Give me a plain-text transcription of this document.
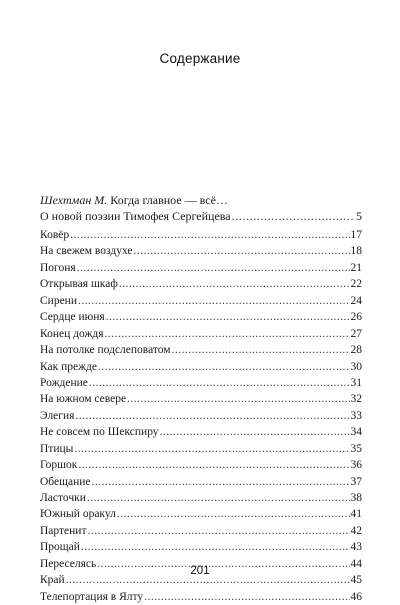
Содержание
Шехтман М. Когда главное — всё…
О новой поэзии Тимофея Сергейцева . . .	5
Ковёр . . .	17
На свежем воздухе . . .	18
Погоня . . .	21
Открывая шкаф . . .	22
Сирени . . .	24
Сердце июня . . .	26
Конец дождя . . .	27
На потолке подслеповатом . . .	28
Как прежде . . .	30
Рождение . . .	31
На южном севере . . .	32
Элегия . . .	33
Не совсем по Шекспиру . . .	34
Птицы . . .	35
Горшок . . .	36
Обещание . . .	37
Ласточки . . .	38
Южный оракул . . .	41
Партенит . . .	42
Прощай . . .	43
Переселясь . . .	44
Край . . .	45
Телепортация в Ялту . . .	46
201
